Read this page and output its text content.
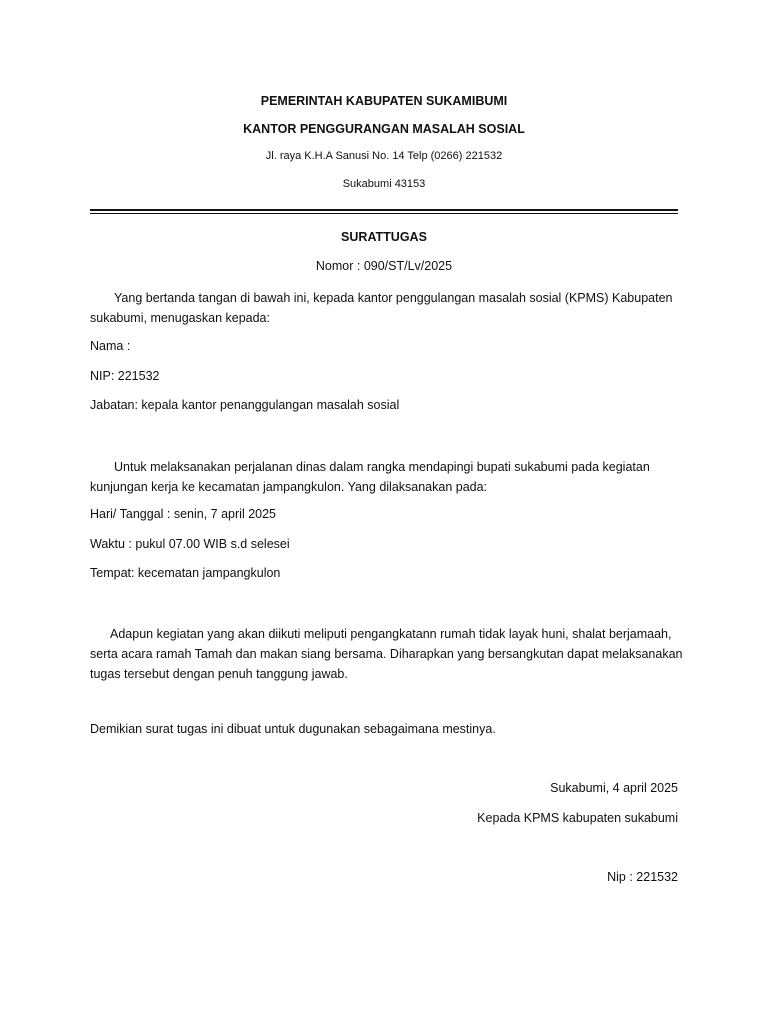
PEMERINTAH KABUPATEN SUKAMIBUMI
KANTOR PENGGURANGAN MASALAH SOSIAL
Jl. raya K.H.A Sanusi No. 14 Telp (0266) 221532
Sukabumi 43153
SURATTUGAS
Nomor : 090/ST/Lv/2025
Yang bertanda tangan di bawah ini, kepada kantor penggulangan masalah sosial (KPMS) Kabupaten sukabumi, menugaskan kepada:
Nama :
NIP: 221532
Jabatan: kepala kantor penanggulangan masalah sosial
Untuk melaksanakan perjalanan dinas dalam rangka mendapingi bupati sukabumi pada kegiatan kunjungan kerja ke kecamatan jampangkulon. Yang dilaksanakan pada:
Hari/ Tanggal : senin, 7 april 2025
Waktu : pukul 07.00 WIB s.d selesei
Tempat: kecematan jampangkulon
Adapun kegiatan yang akan diikuti meliputi pengangkatann rumah tidak layak huni, shalat berjamaah, serta acara ramah Tamah dan makan siang bersama. Diharapkan yang bersangkutan dapat melaksanakan tugas tersebut dengan penuh tanggung jawab.
Demikian surat tugas ini dibuat untuk dugunakan sebagaimana mestinya.
Sukabumi, 4 april 2025
Kepada KPMS kabupaten sukabumi
Nip : 221532
